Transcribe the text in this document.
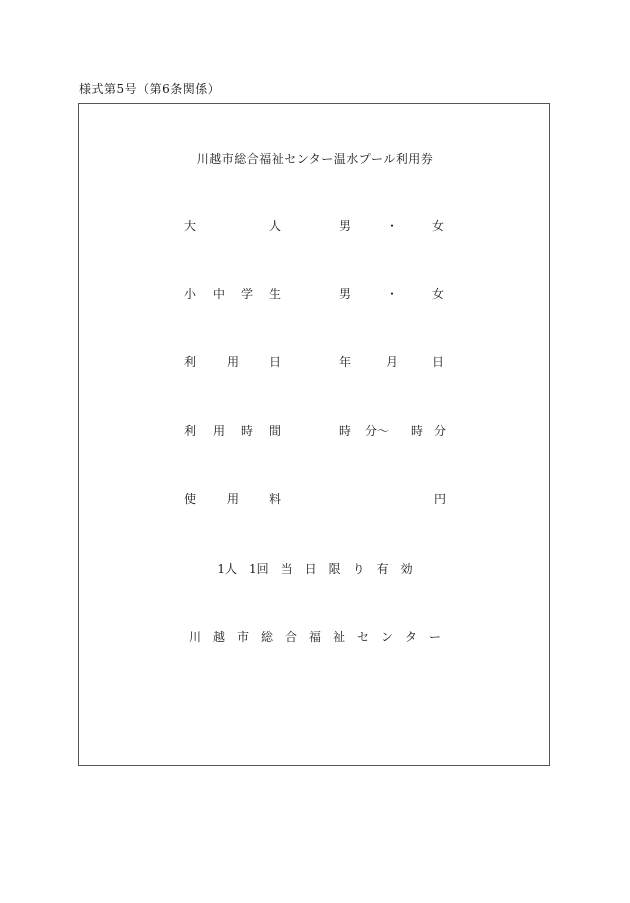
様式第5号（第6条関係）
川越市総合福祉センター温水プール利用券
大	人	男	・	女
小 中 学 生	男	・	女
利	用 日	年	月	日
利 用 時 間	時 分～ 時 分
使	用 料	円
1人　1回　当　日　限　り　有　効
川　越　市　総　合　福　祉　セ　ン　タ　ー
